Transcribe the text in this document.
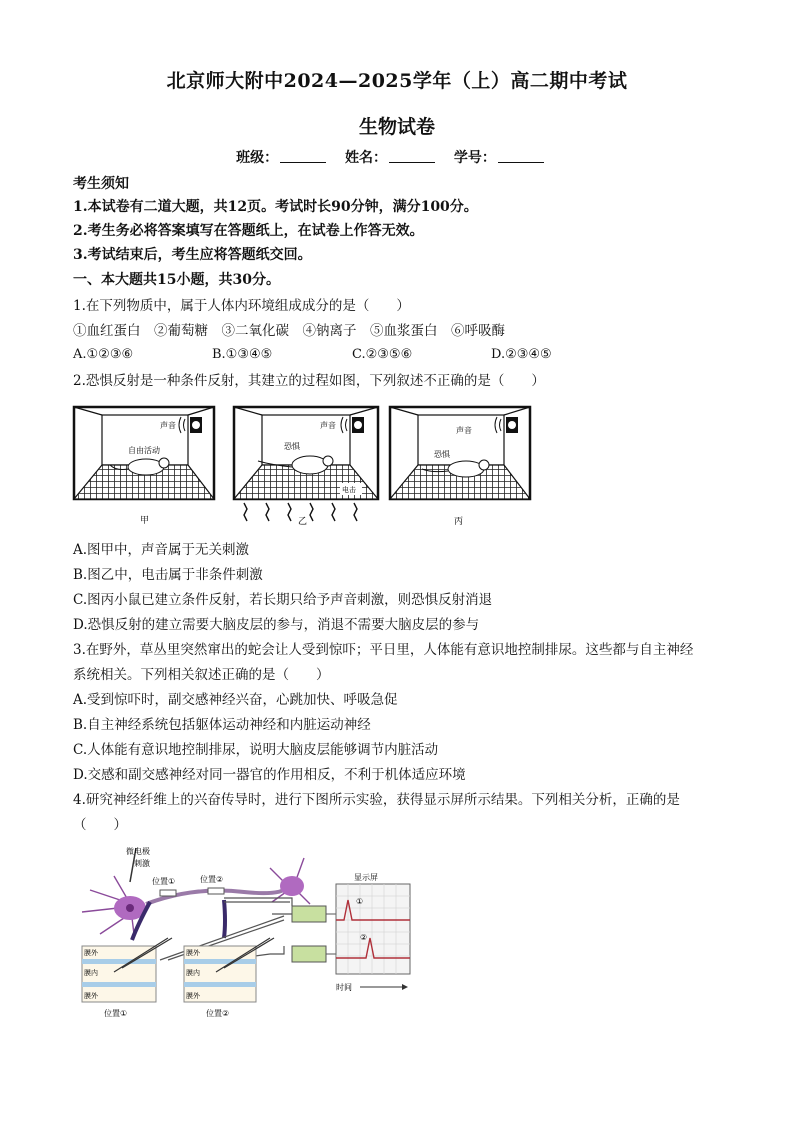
北京师大附中2024—2025学年（上）高二期中考试
生物试卷
班级：	姓名：	学号：
考生须知
1.本试卷有二道大题，共12页。考试时长90分钟，满分100分。
2.考生务必将答案填写在答题纸上，在试卷上作答无效。
3.考试结束后，考生应将答题纸交回。
一、本大题共15小题，共30分。
1.在下列物质中，属于人体内环境组成成分的是（　　）
①血红蛋白　②葡萄糖　③二氧化碳　④钠离子　⑤血浆蛋白　⑥呼吸酶
A.①②③⑥	B.①③④⑤	C.②③⑤⑥	D.②③④⑤
2.恐惧反射是一种条件反射，其建立的过程如图，下列叙述不正确的是（　　）
声音
自由活动
甲
声音
恐惧
电击
乙
声音
恐惧
丙
A.图甲中，声音属于无关刺激
B.图乙中，电击属于非条件刺激
C.图丙小鼠已建立条件反射，若长期只给予声音刺激，则恐惧反射消退
D.恐惧反射的建立需要大脑皮层的参与，消退不需要大脑皮层的参与
3.在野外，草丛里突然窜出的蛇会让人受到惊吓；平日里，人体能有意识地控制排尿。这些都与自主神经
系统相关。下列相关叙述正确的是（　　）
A.受到惊吓时，副交感神经兴奋，心跳加快、呼吸急促
B.自主神经系统包括躯体运动神经和内脏运动神经
C.人体能有意识地控制排尿，说明大脑皮层能够调节内脏活动
D.交感和副交感神经对同一器官的作用相反，不利于机体适应环境
4.研究神经纤维上的兴奋传导时，进行下图所示实验，获得显示屏所示结果。下列相关分析，正确的是
（　　）
位置①	位置②
微电极
刺激
显示屏
①
②
时间
膜外
膜内
膜外
位置①
膜外
膜内
膜外
位置②
